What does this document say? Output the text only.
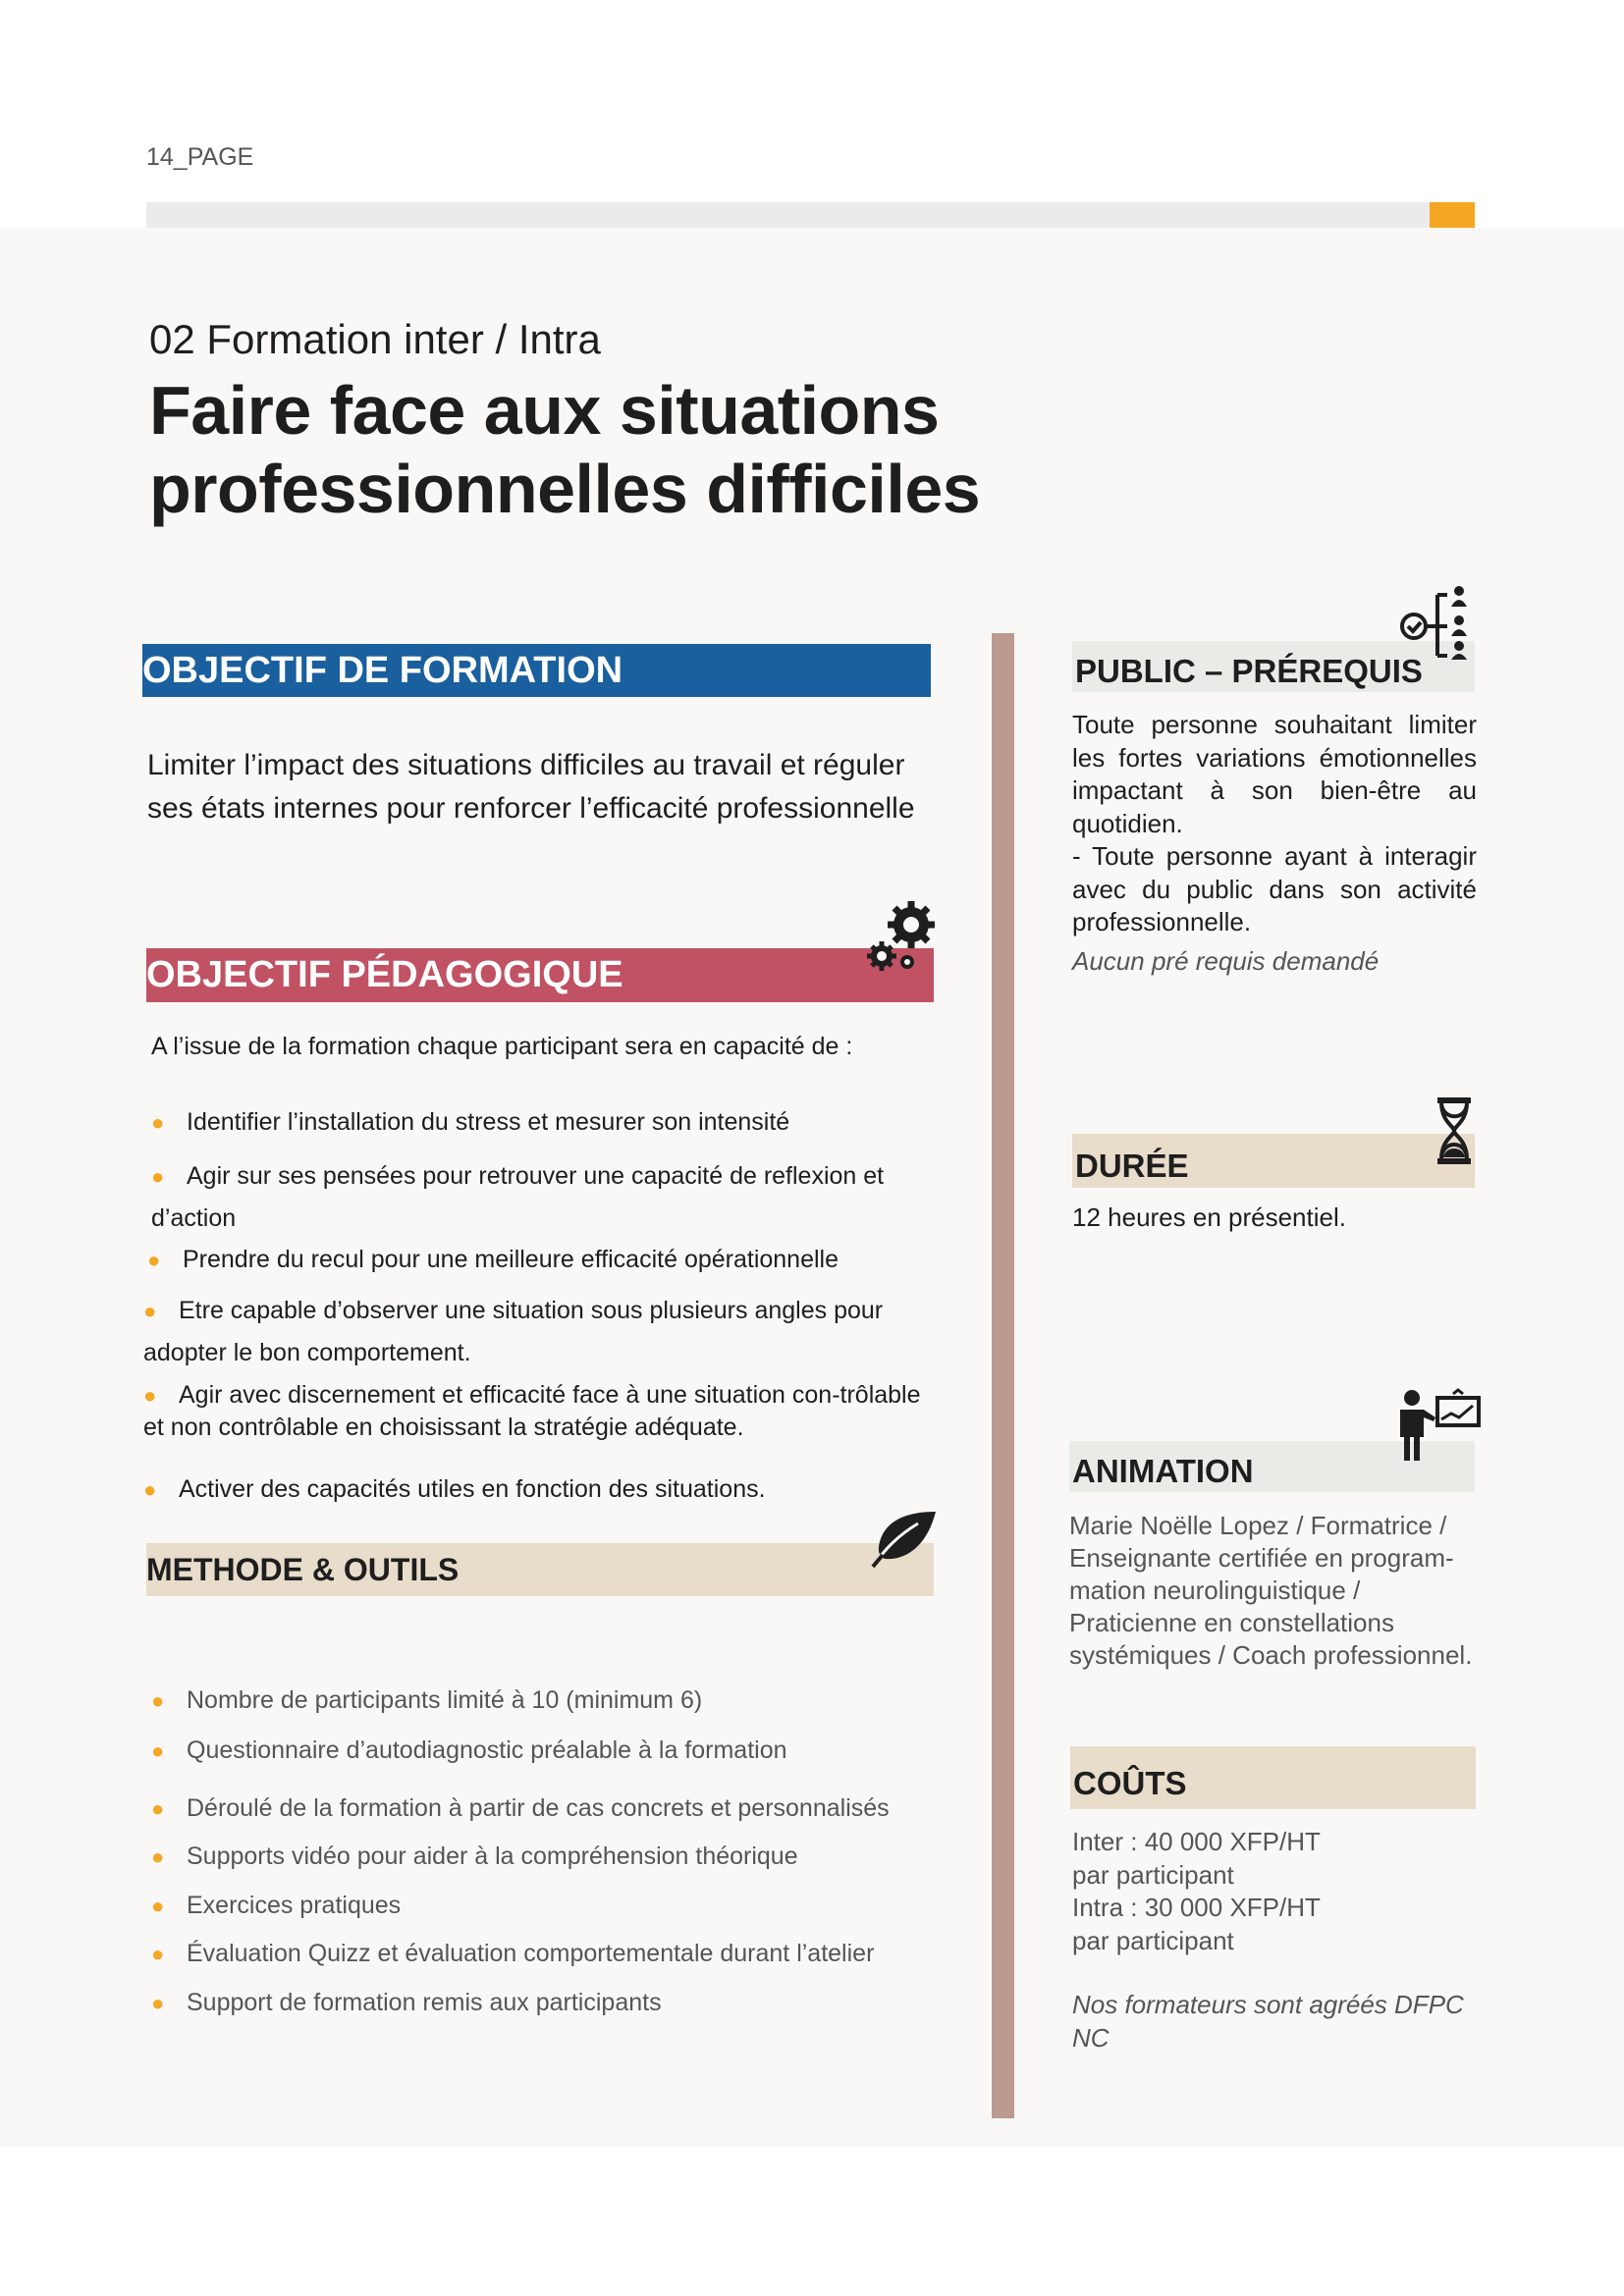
14_PAGE
02 Formation inter / Intra
Faire face aux situations
professionnelles difficiles
OBJECTIF DE FORMATION
Limiter l’impact des situations difficiles au travail et réguler
ses états internes pour renforcer l’efficacité professionnelle
OBJECTIF PÉDAGOGIQUE
A l’issue de la formation chaque participant sera en capacité de :
● Identifier l’installation du stress et mesurer son intensité
● Agir sur ses pensées pour retrouver une capacité de reflexion et d’action
● Prendre du recul pour une meilleure efficacité opérationnelle
● Etre capable d’observer une situation sous plusieurs angles pour adopter le bon comportement.
● Agir avec discernement et efficacité face à une situation con-trôlable et non contrôlable en choisissant la stratégie adéquate.
● Activer des capacités utiles en fonction des situations.
METHODE & OUTILS
● Nombre de participants limité à 10 (minimum 6)
● Questionnaire d’autodiagnostic préalable à la formation
● Déroulé de la formation à partir de cas concrets et personnalisés
● Supports vidéo pour aider à la compréhension théorique
● Exercices pratiques
● Évaluation Quizz et évaluation comportementale durant l’atelier
● Support de formation remis aux participants
PUBLIC – PRÉREQUIS
Toute personne souhaitant limiter les fortes variations émotionnelles impactant à son bien-être au quotidien.
- Toute personne ayant à interagir avec du public dans son activité professionnelle.
Aucun pré requis demandé
DURÉE
12 heures en présentiel.
ANIMATION
Marie Noëlle Lopez / Formatrice / Enseignante certifiée en program-mation neurolinguistique / Praticienne en constellations systémiques / Coach professionnel.
COÛTS
Inter : 40 000 XFP/HT
par participant
Intra : 30 000 XFP/HT
par participant
Nos formateurs sont agréés DFPC NC
